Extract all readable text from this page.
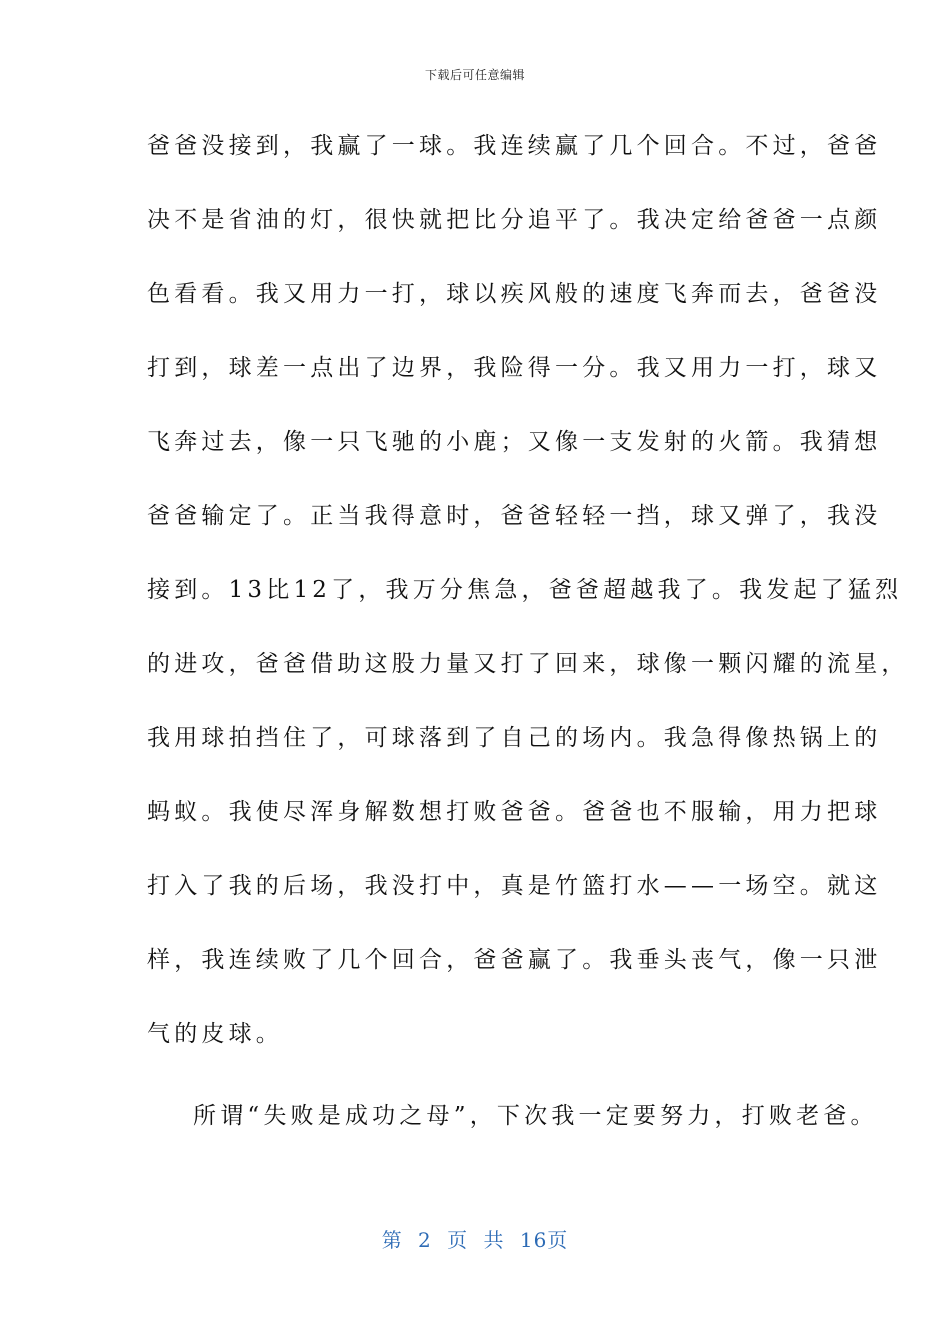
下载后可任意编辑
爸爸没接到，我赢了一球。我连续赢了几个回合。不过，爸爸
决不是省油的灯，很快就把比分追平了。我决定给爸爸一点颜
色看看。我又用力一打，球以疾风般的速度飞奔而去，爸爸没
打到，球差一点出了边界，我险得一分。我又用力一打，球又
飞奔过去，像一只飞驰的小鹿；又像一支发射的火箭。我猜想
爸爸输定了。正当我得意时，爸爸轻轻一挡，球又弹了，我没
接到。13比12了，我万分焦急，爸爸超越我了。我发起了猛烈
的进攻，爸爸借助这股力量又打了回来，球像一颗闪耀的流星，
我用球拍挡住了，可球落到了自己的场内。我急得像热锅上的
蚂蚁。我使尽浑身解数想打败爸爸。爸爸也不服输，用力把球
打入了我的后场，我没打中，真是竹篮打水——一场空。就这
样，我连续败了几个回合，爸爸赢了。我垂头丧气，像一只泄
气的皮球。
所谓“失败是成功之母”，下次我一定要努力，打败老爸。
第 2 页 共 16页
